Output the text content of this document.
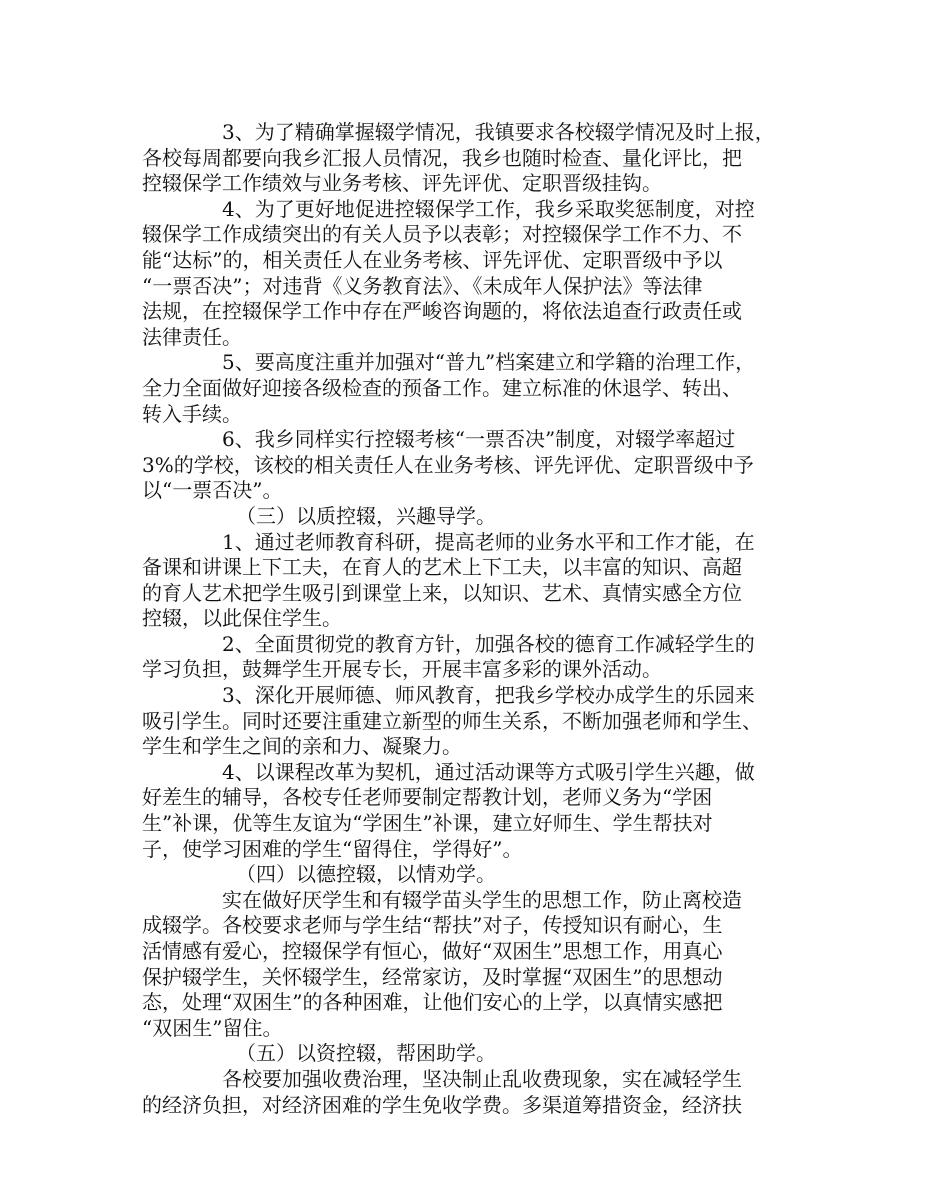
3、为了精确掌握辍学情况，我镇要求各校辍学情况及时上报，
各校每周都要向我乡汇报人员情况，我乡也随时检查、量化评比，把
控辍保学工作绩效与业务考核、评先评优、定职晋级挂钩。
4、为了更好地促进控辍保学工作，我乡采取奖惩制度，对控
辍保学工作成绩突出的有关人员予以表彰；对控辍保学工作不力、不
能“达标”的，相关责任人在业务考核、评先评优、定职晋级中予以
“一票否决”；对违背《义务教育法》、《未成年人保护法》等法律
法规，在控辍保学工作中存在严峻咨询题的，将依法追查行政责任或
法律责任。
5、要高度注重并加强对“普九”档案建立和学籍的治理工作，
全力全面做好迎接各级检查的预备工作。建立标准的休退学、转出、
转入手续。
6、我乡同样实行控辍考核“一票否决”制度，对辍学率超过
3%的学校，该校的相关责任人在业务考核、评先评优、定职晋级中予
以“一票否决”。
（三）以质控辍，兴趣导学。
1、通过老师教育科研，提高老师的业务水平和工作才能，在
备课和讲课上下工夫，在育人的艺术上下工夫，以丰富的知识、高超
的育人艺术把学生吸引到课堂上来，以知识、艺术、真情实感全方位
控辍，以此保住学生。
2、全面贯彻党的教育方针，加强各校的德育工作减轻学生的
学习负担，鼓舞学生开展专长，开展丰富多彩的课外活动。
3、深化开展师德、师风教育，把我乡学校办成学生的乐园来
吸引学生。同时还要注重建立新型的师生关系，不断加强老师和学生、
学生和学生之间的亲和力、凝聚力。
4、以课程改革为契机，通过活动课等方式吸引学生兴趣，做
好差生的辅导，各校专任老师要制定帮教计划，老师义务为“学困
生”补课，优等生友谊为“学困生”补课，建立好师生、学生帮扶对
子，使学习困难的学生“留得住，学得好”。
（四）以德控辍，以情劝学。
实在做好厌学生和有辍学苗头学生的思想工作，防止离校造
成辍学。各校要求老师与学生结“帮扶”对子，传授知识有耐心，生
活情感有爱心，控辍保学有恒心，做好“双困生”思想工作，用真心
保护辍学生，关怀辍学生，经常家访，及时掌握“双困生”的思想动
态，处理“双困生”的各种困难，让他们安心的上学，以真情实感把
“双困生”留住。
（五）以资控辍，帮困助学。
各校要加强收费治理，坚决制止乱收费现象，实在减轻学生
的经济负担，对经济困难的学生免收学费。多渠道筹措资金，经济扶
